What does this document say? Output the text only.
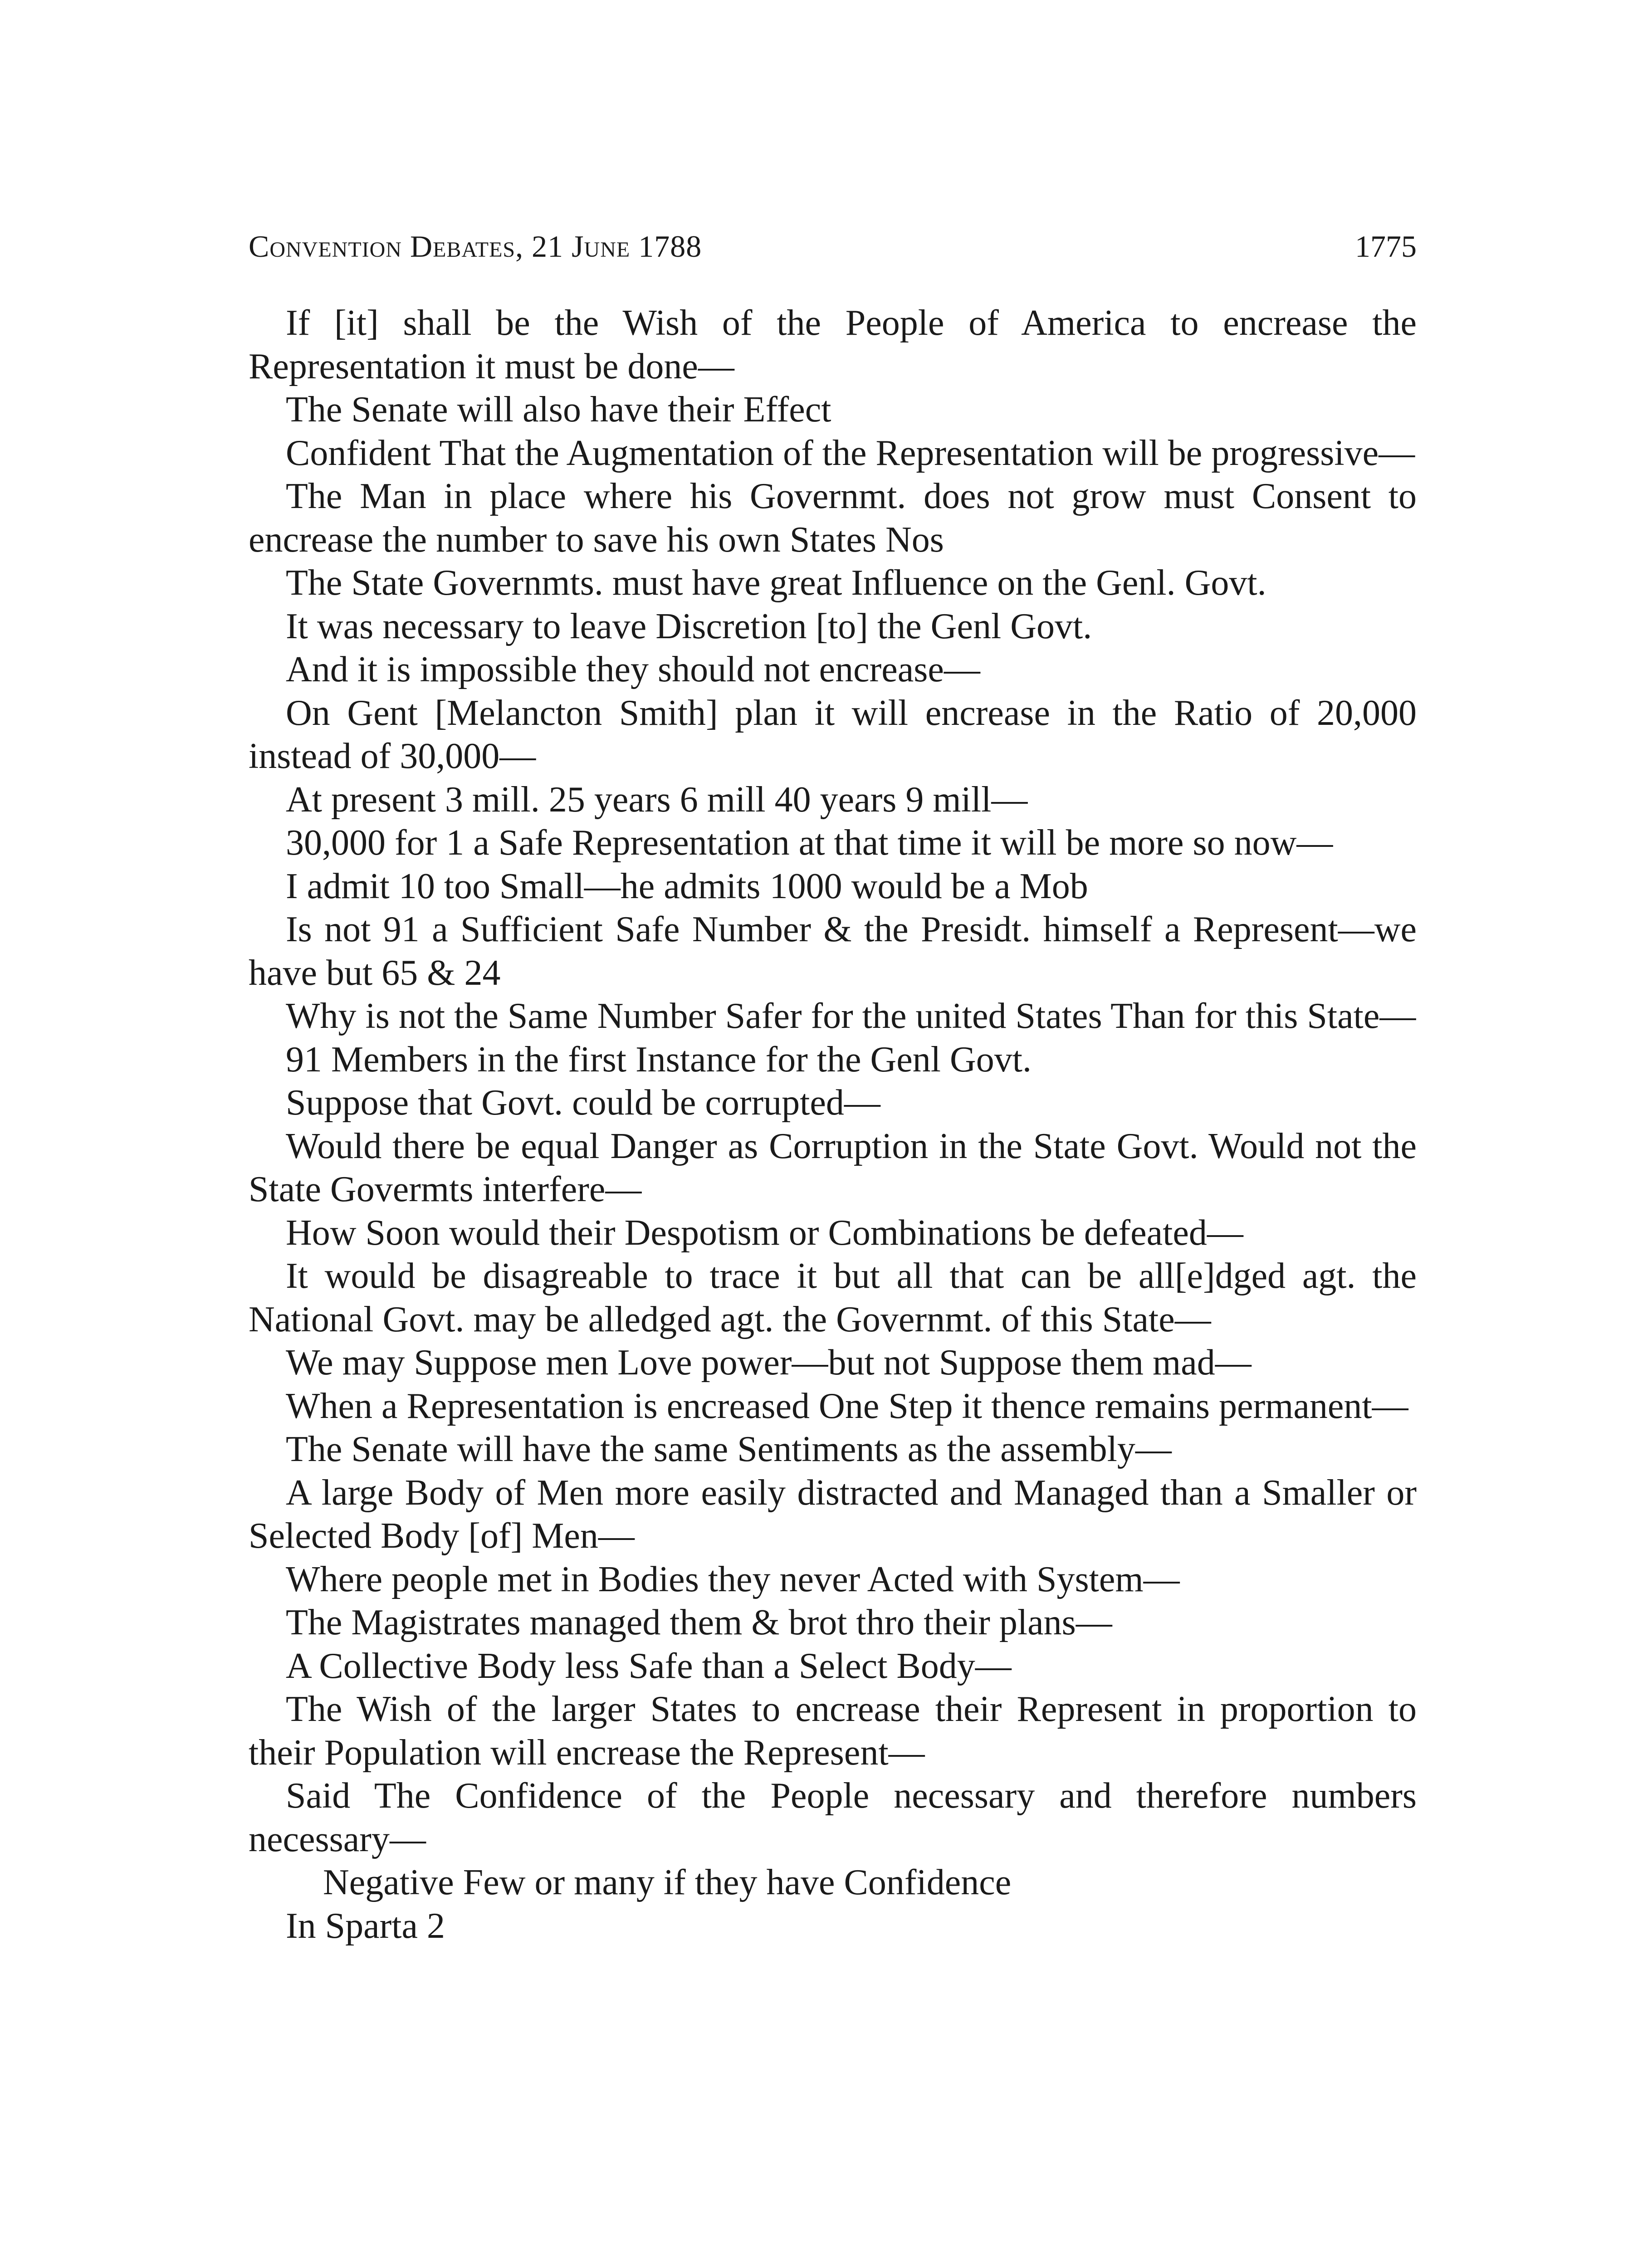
Convention Debates, 21 June 1788	1775

If [it] shall be the Wish of the People of America to encrease the Representation it must be done—

The Senate will also have their Effect

Confident That the Augmentation of the Representation will be progressive—

The Man in place where his Governmt. does not grow must Consent to encrease the number to save his own States Nos

The State Governmts. must have great Influence on the Genl. Govt.

It was necessary to leave Discretion [to] the Genl Govt.

And it is impossible they should not encrease—

On Gent [Melancton Smith] plan it will encrease in the Ratio of 20,000 instead of 30,000—

At present 3 mill. 25 years 6 mill 40 years 9 mill—

30,000 for 1 a Safe Representation at that time it will be more so now—

I admit 10 too Small—he admits 1000 would be a Mob

Is not 91 a Sufficient Safe Number & the Presidt. himself a Represent—we have but 65 & 24

Why is not the Same Number Safer for the united States Than for this State—

91 Members in the first Instance for the Genl Govt.

Suppose that Govt. could be corrupted—

Would there be equal Danger as Corruption in the State Govt. Would not the State Govermts interfere—

How Soon would their Despotism or Combinations be defeated—

It would be disagreable to trace it but all that can be all[e]dged agt. the National Govt. may be alledged agt. the Governmt. of this State—

We may Suppose men Love power—but not Suppose them mad—

When a Representation is encreased One Step it thence remains permanent—

The Senate will have the same Sentiments as the assembly—

A large Body of Men more easily distracted and Managed than a Smaller or Selected Body [of] Men—

Where people met in Bodies they never Acted with System—

The Magistrates managed them & brot thro their plans—

A Collective Body less Safe than a Select Body—

The Wish of the larger States to encrease their Represent in proportion to their Population will encrease the Represent—

Said The Confidence of the People necessary and therefore numbers necessary—

Negative Few or many if they have Confidence

In Sparta 2
